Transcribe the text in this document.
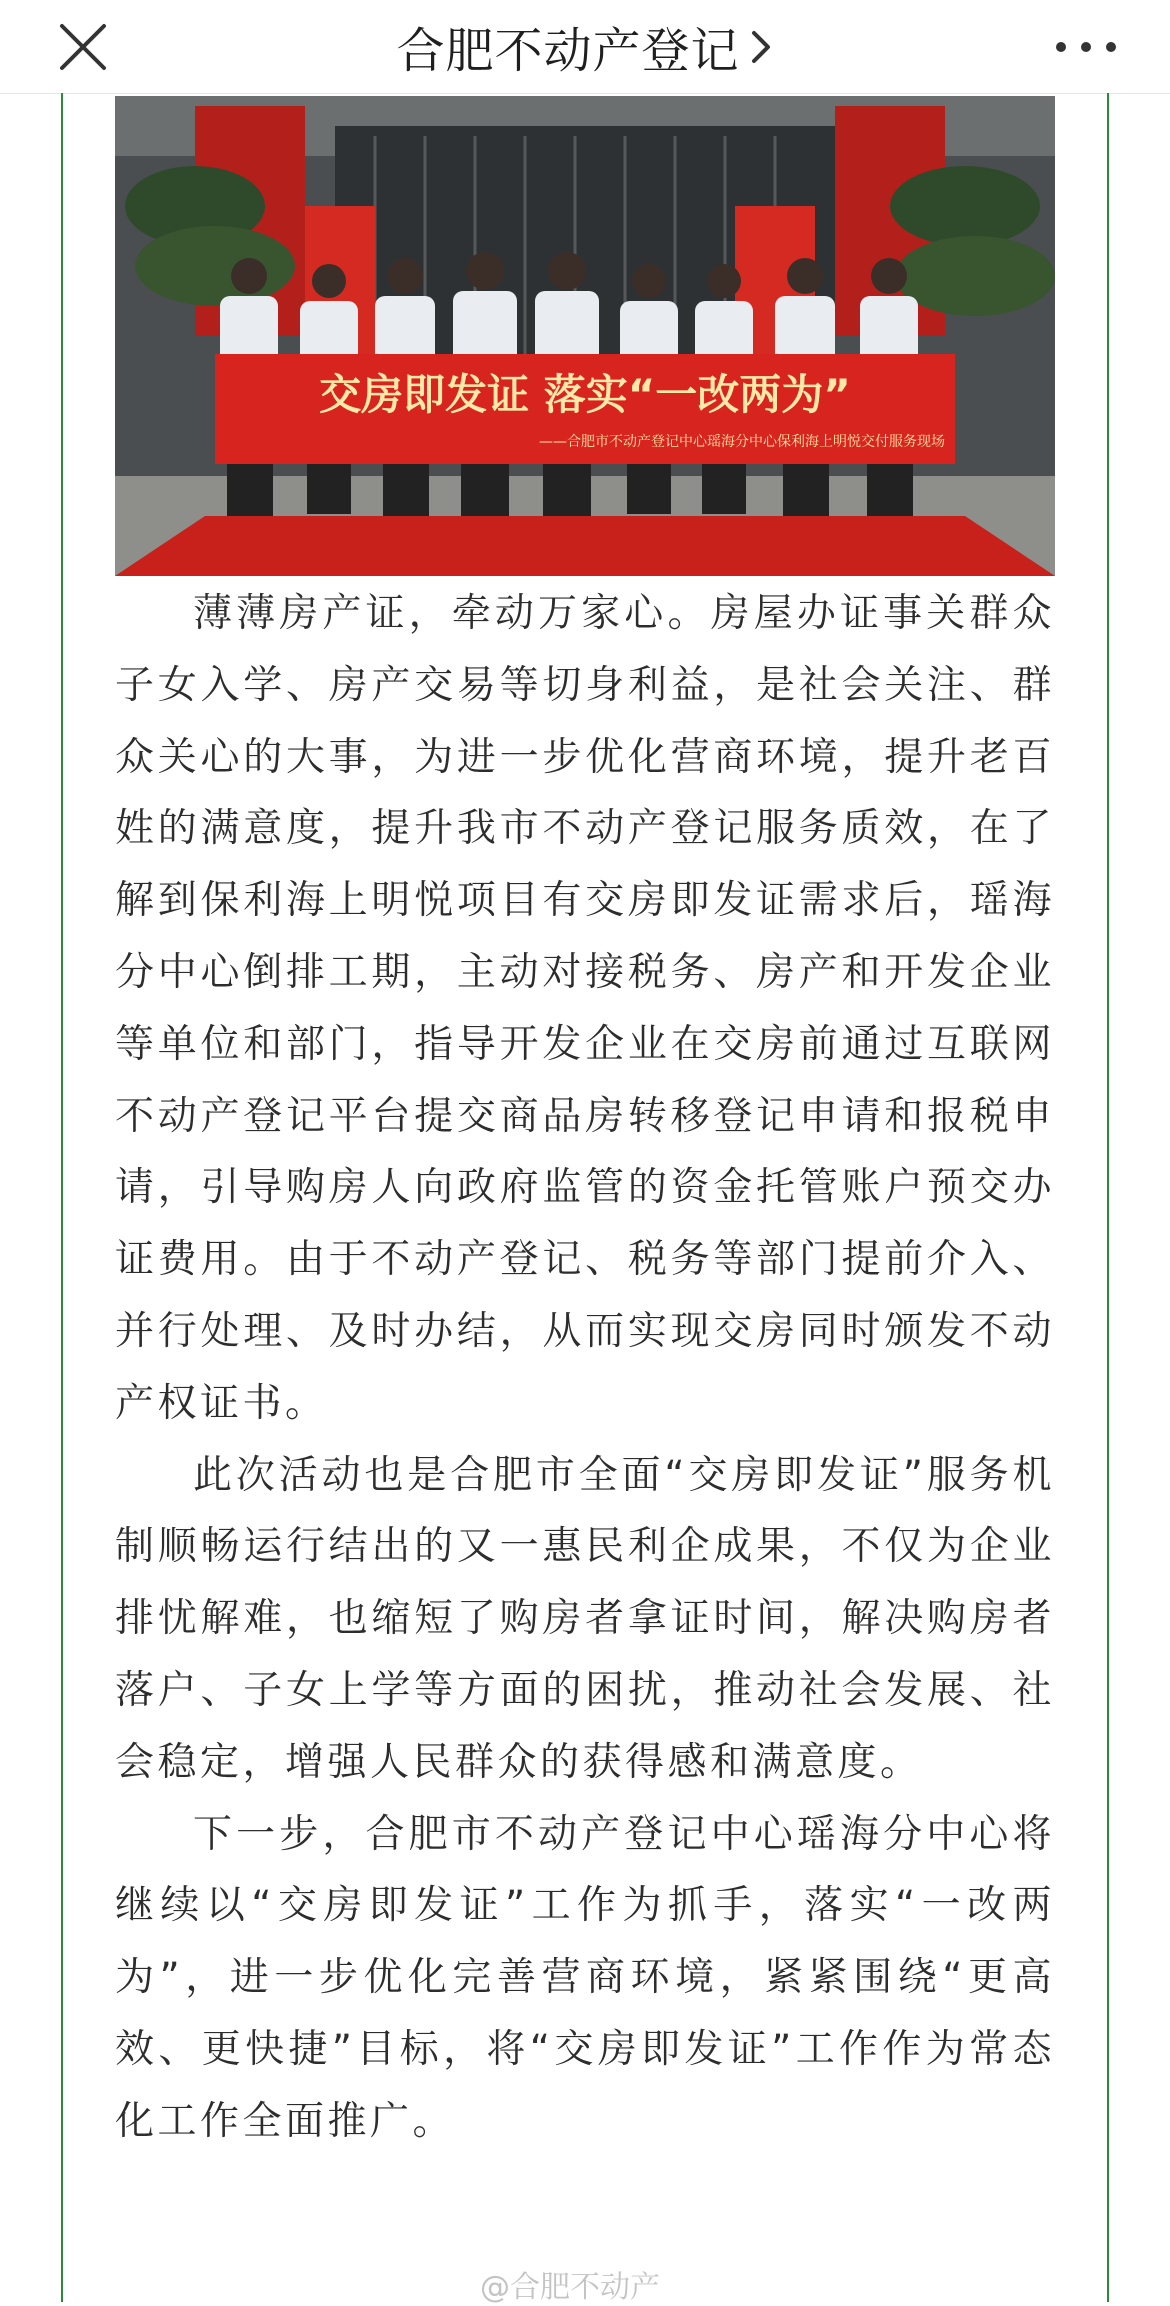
合肥不动产登记
交房即发证 落实“一改两为”
——合肥市不动产登记中心瑶海分中心保利海上明悦交付服务现场

薄薄房产证，牵动万家心。房屋办证事关群众子女入学、房产交易等切身利益，是社会关注、群众关心的大事，为进一步优化营商环境，提升老百姓的满意度，提升我市不动产登记服务质效，在了解到保利海上明悦项目有交房即发证需求后，瑶海分中心倒排工期，主动对接税务、房产和开发企业等单位和部门，指导开发企业在交房前通过互联网不动产登记平台提交商品房转移登记申请和报税申请，引导购房人向政府监管的资金托管账户预交办证费用。由于不动产登记、税务等部门提前介入、并行处理、及时办结，从而实现交房同时颁发不动产权证书。

此次活动也是合肥市全面“交房即发证”服务机制顺畅运行结出的又一惠民利企成果，不仅为企业排忧解难，也缩短了购房者拿证时间，解决购房者落户、子女上学等方面的困扰，推动社会发展、社会稳定，增强人民群众的获得感和满意度。

下一步，合肥市不动产登记中心瑶海分中心将继续以“交房即发证”工作为抓手，落实“一改两为”，进一步优化完善营商环境，紧紧围绕“更高效、更快捷”目标，将“交房即发证”工作作为常态化工作全面推广。

@合肥不动产
